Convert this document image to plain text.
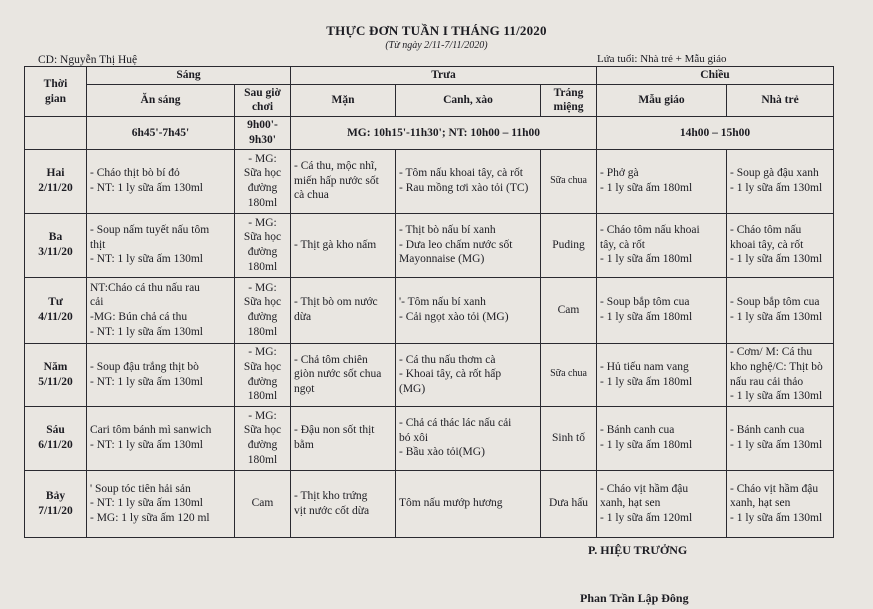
THỰC ĐƠN TUẦN I THÁNG 11/2020
(Từ ngày 2/11-7/11/2020)
CD: Nguyễn Thị Huệ	Lứa tuổi: Nhà trẻ + Mẫu giáo
Thời
gian	Sáng		Trưa			Chiều	
	Ăn sáng	Sau giờ
chơi	Mặn	Canh, xào	Tráng
miệng	Mẫu giáo	Nhà trẻ
	6h45'-7h45'	9h00'-
9h30'	MG: 10h15'-11h30'; NT: 10h00 – 11h00			14h00 – 15h00	

Hai
2/11/20	- Cháo thịt bò bí đỏ
- NT: 1 ly sữa ấm 130ml	- MG:
Sữa học
đường
180ml	- Cá thu, mộc nhĩ,
miến hấp nước sốt
cà chua	- Tôm nấu khoai tây, cà rốt
- Rau mồng tơi xào tỏi (TC)	Sữa chua	- Phở gà
- 1 ly sữa ấm 180ml	- Soup gà đậu xanh
- 1 ly sữa ấm 130ml

Ba
3/11/20	- Soup nấm tuyết nấu tôm
thịt
- NT: 1 ly sữa ấm 130ml	- MG:
Sữa học
đường
180ml	- Thịt gà kho nấm	- Thịt bò nấu bí xanh
- Dưa leo chấm nước sốt
Mayonnaise (MG)	Puding	- Cháo tôm nấu khoai
tây, cà rốt
- 1 ly sữa ấm 180ml	- Cháo tôm nấu
khoai tây, cà rốt
- 1 ly sữa ấm 130ml

Tư
4/11/20	NT:Cháo cá thu nấu rau
cải
-MG: Bún chả cá thu
- NT: 1 ly sữa ấm 130ml	- MG:
Sữa học
đường
180ml	- Thịt bò om nước
dừa	'- Tôm nấu bí xanh
- Cải ngọt xào tỏi (MG)	Cam	- Soup bắp tôm cua
- 1 ly sữa ấm 180ml	- Soup bắp tôm cua
- 1 ly sữa ấm 130ml

Năm
5/11/20	- Soup đậu trắng thịt bò
- NT: 1 ly sữa ấm 130ml	- MG:
Sữa học
đường
180ml	- Chả tôm chiên
giòn nước sốt chua
ngọt	- Cá thu nấu thơm cà
- Khoai tây, cà rốt hấp
(MG)	Sữa chua	- Hủ tiếu nam vang
- 1 ly sữa ấm 180ml	- Cơm/ M: Cá thu
kho nghệ/C: Thịt bò
nấu rau cải thảo
- 1 ly sữa ấm 130ml

Sáu
6/11/20	Cari tôm bánh mì sanwich
- NT: 1 ly sữa ấm 130ml	- MG:
Sữa học
đường
180ml	- Đậu non sốt thịt
bằm	- Chả cá thác lác nấu cải
bó xôi
- Bầu xào tỏi(MG)	Sinh tố	- Bánh canh cua
- 1 ly sữa ấm 180ml	- Bánh canh cua
- 1 ly sữa ấm 130ml

Bảy
7/11/20	' Soup tóc tiên hải sản
- NT: 1 ly sữa ấm 130ml
- MG: 1 ly sữa ấm 120 ml	Cam	- Thịt kho trứng
vịt nước cốt dừa	Tôm nấu mướp hương	Dưa hấu	- Cháo vịt hầm đậu
xanh, hạt sen
- 1 ly sữa ấm 120ml	- Cháo vịt hầm đậu
xanh, hạt sen
- 1 ly sữa ấm 130ml
P. HIỆU TRƯỞNG
Phan Trần Lập Đông
